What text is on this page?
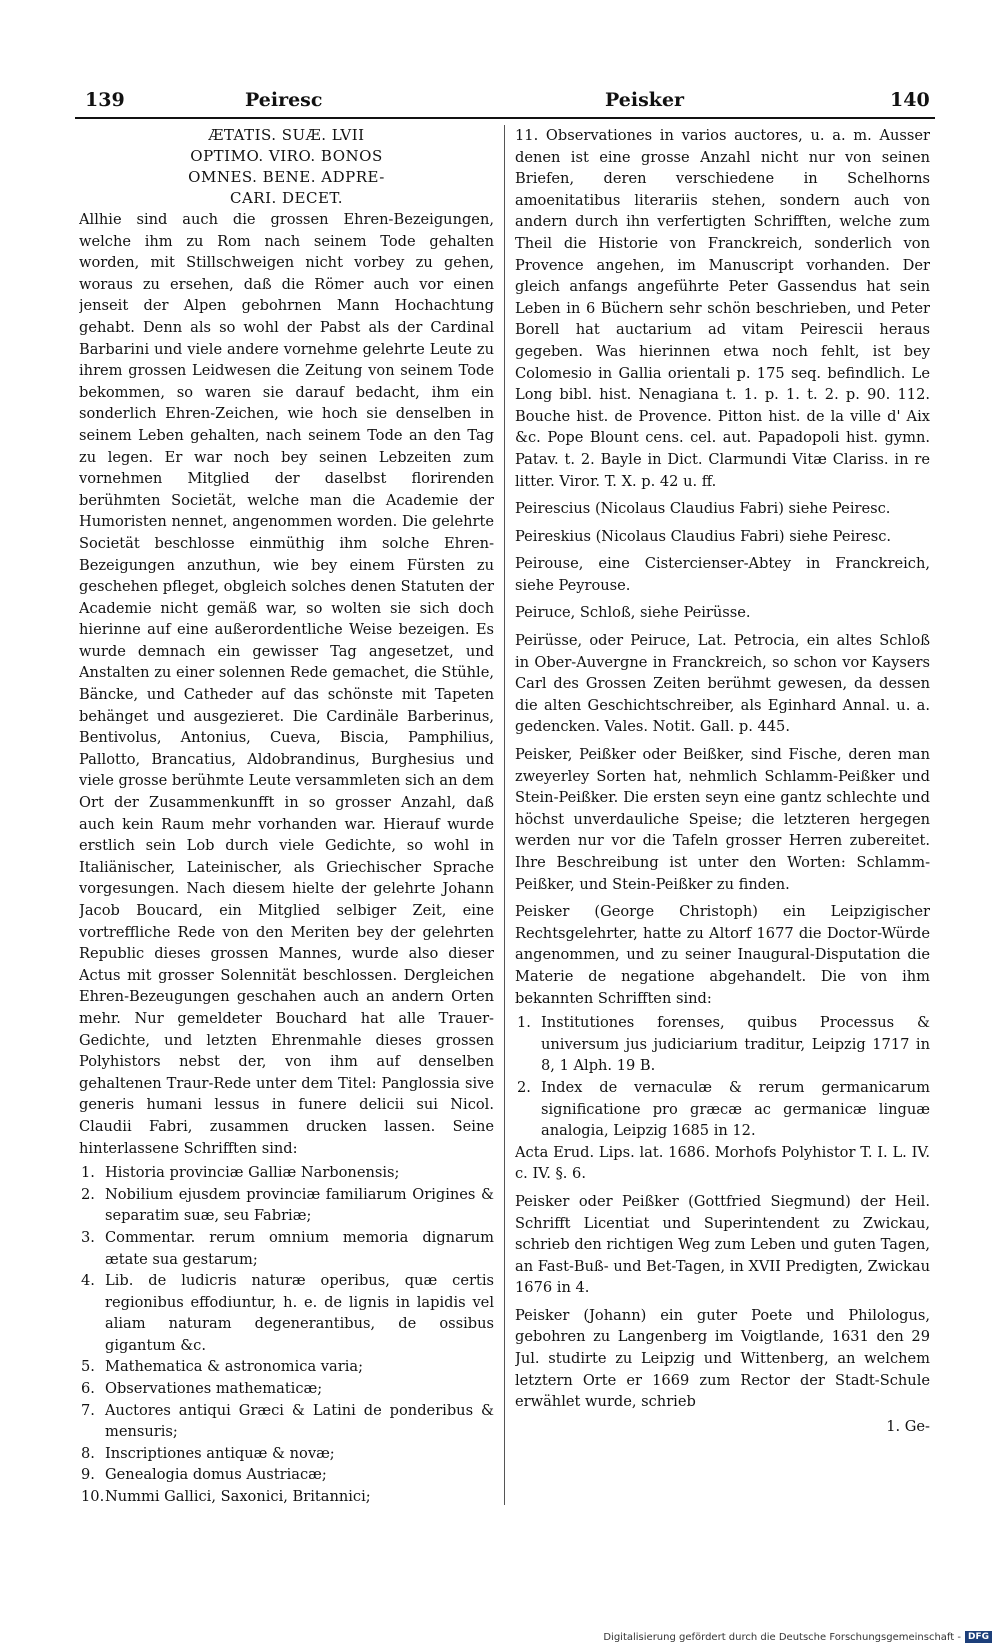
139	Peiresc	Peisker	140
ÆTATIS. SUÆ. LVII
OPTIMO. VIRO. BONOS
OMNES. BENE. ADPRE-
CARI. DECET.

Allhie sind auch die grossen Ehren-Bezeigungen, welche ihm zu Rom nach seinem Tode gehalten worden, mit Stillschweigen nicht vorbey zu gehen, woraus zu ersehen, daß die Römer auch vor einen jenseit der Alpen gebohrnen Mann Hochachtung gehabt. Denn als so wohl der Pabst als der Cardinal Barbarini und viele andere vornehme gelehrte Leute zu ihrem grossen Leidwesen die Zeitung von seinem Tode bekommen, so waren sie darauf bedacht, ihm ein sonderlich Ehren-Zeichen, wie hoch sie denselben in seinem Leben gehalten, nach seinem Tode an den Tag zu legen. Er war noch bey seinen Lebzeiten zum vornehmen Mitglied der daselbst florirenden berühmten Societät, welche man die Academie der Humoristen nennet, angenommen worden. Die gelehrte Societät beschlosse einmüthig ihm solche Ehren-Bezeigungen anzuthun, wie bey einem Fürsten zu geschehen pfleget, obgleich solches denen Statuten der Academie nicht gemäß war, so wolten sie sich doch hierinne auf eine außerordentliche Weise bezeigen. Es wurde demnach ein gewisser Tag angesetzet, und Anstalten zu einer solennen Rede gemachet, die Stühle, Bäncke, und Catheder auf das schönste mit Tapeten behänget und ausgezieret. Die Cardinäle Barberinus, Bentivolus, Antonius, Cueva, Biscia, Pamphilius, Pallotto, Brancatius, Aldobrandinus, Burghesius und viele grosse berühmte Leute versammleten sich an dem Ort der Zusammenkunfft in so grosser Anzahl, daß auch kein Raum mehr vorhanden war. Hierauf wurde erstlich sein Lob durch viele Gedichte, so wohl in Italiänischer, Lateinischer, als Griechischer Sprache vorgesungen. Nach diesem hielte der gelehrte Johann Jacob Boucard, ein Mitglied selbiger Zeit, eine vortreffliche Rede von den Meriten bey der gelehrten Republic dieses grossen Mannes, wurde also dieser Actus mit grosser Solennität beschlossen. Dergleichen Ehren-Bezeugungen geschahen auch an andern Orten mehr. Nur gemeldeter Bouchard hat alle Trauer-Gedichte, und letzten Ehrenmahle dieses grossen Polyhistors nebst der, von ihm auf denselben gehaltenen Traur-Rede unter dem Titel: Panglossia sive generis humani lessus in funere delicii sui Nicol. Claudii Fabri, zusammen drucken lassen. Seine hinterlassene Schrifften sind:

1. Historia provinciæ Galliæ Narbonensis;
2. Nobilium ejusdem provinciæ familiarum Origines & separatim suæ, seu Fabriæ;
3. Commentar. rerum omnium memoria dignarum ætate sua gestarum;
4. Lib. de ludicris naturæ operibus, quæ certis regionibus effodiuntur, h. e. de lignis in lapidis vel aliam naturam degenerantibus, de ossibus gigantum &c.
5. Mathematica & astronomica varia;
6. Observationes mathematicæ;
7. Auctores antiqui Græci & Latini de ponderibus & mensuris;
8. Inscriptiones antiquæ & novæ;
9. Genealogia domus Austriacæ;
10. Nummi Gallici, Saxonici, Britannici;

11. Observationes in varios auctores, u. a. m. Ausser denen ist eine grosse Anzahl nicht nur von seinen Briefen, deren verschiedene in Schelhorns amoenitatibus literariis stehen, sondern auch von andern durch ihn verfertigten Schrifften, welche zum Theil die Historie von Franckreich, sonderlich von Provence angehen, im Manuscript vorhanden. Der gleich anfangs angeführte Peter Gassendus hat sein Leben in 6 Büchern sehr schön beschrieben, und Peter Borell hat auctarium ad vitam Peirescii heraus gegeben. Was hierinnen etwa noch fehlt, ist bey Colomesio in Gallia orientali p. 175 seq. befindlich. Le Long bibl. hist. Nenagiana t. 1. p. 1. t. 2. p. 90. 112. Bouche hist. de Provence. Pitton hist. de la ville d' Aix &c. Pope Blount cens. cel. aut. Papadopoli hist. gymn. Patav. t. 2. Bayle in Dict. Clarmundi Vitæ Clariss. in re litter. Viror. T. X. p. 42 u. ff.

Peirescius (Nicolaus Claudius Fabri) siehe Peiresc.

Peireskius (Nicolaus Claudius Fabri) siehe Peiresc.

Peirouse, eine Cistercienser-Abtey in Franckreich, siehe Peyrouse.

Peiruce, Schloß, siehe Peirüsse.

Peirüsse, oder Peiruce, Lat. Petrocia, ein altes Schloß in Ober-Auvergne in Franckreich, so schon vor Kaysers Carl des Grossen Zeiten berühmt gewesen, da dessen die alten Geschichtschreiber, als Eginhard Annal. u. a. gedencken. Vales. Notit. Gall. p. 445.

Peisker, Peißker oder Beißker, sind Fische, deren man zweyerley Sorten hat, nehmlich Schlamm-Peißker und Stein-Peißker. Die ersten seyn eine gantz schlechte und höchst unverdauliche Speise; die letzteren hergegen werden nur vor die Tafeln grosser Herren zubereitet. Ihre Beschreibung ist unter den Worten: Schlamm-Peißker, und Stein-Peißker zu finden.

Peisker (George Christoph) ein Leipzigischer Rechtsgelehrter, hatte zu Altorf 1677 die Doctor-Würde angenommen, und zu seiner Inaugural-Disputation die Materie de negatione abgehandelt. Die von ihm bekannten Schrifften sind:

1. Institutiones forenses, quibus Processus & universum jus judiciarium traditur, Leipzig 1717 in 8, 1 Alph. 19 B.
2. Index de vernaculæ & rerum germanicarum significatione pro græcæ ac germanicæ linguæ analogia, Leipzig 1685 in 12.

Acta Erud. Lips. lat. 1686. Morhofs Polyhistor T. I. L. IV. c. IV. §. 6.

Peisker oder Peißker (Gottfried Siegmund) der Heil. Schrifft Licentiat und Superintendent zu Zwickau, schrieb den richtigen Weg zum Leben und guten Tagen, an Fast-Buß- und Bet-Tagen, in XVII Predigten, Zwickau 1676 in 4.

Peisker (Johann) ein guter Poete und Philologus, gebohren zu Langenberg im Voigtlande, 1631 den 29 Jul. studirte zu Leipzig und Wittenberg, an welchem letztern Orte er 1669 zum Rector der Stadt-Schule erwählet wurde, schrieb

1. Ge-
Digitalisierung gefördert durch die Deutsche Forschungsgemeinschaft - DFG
